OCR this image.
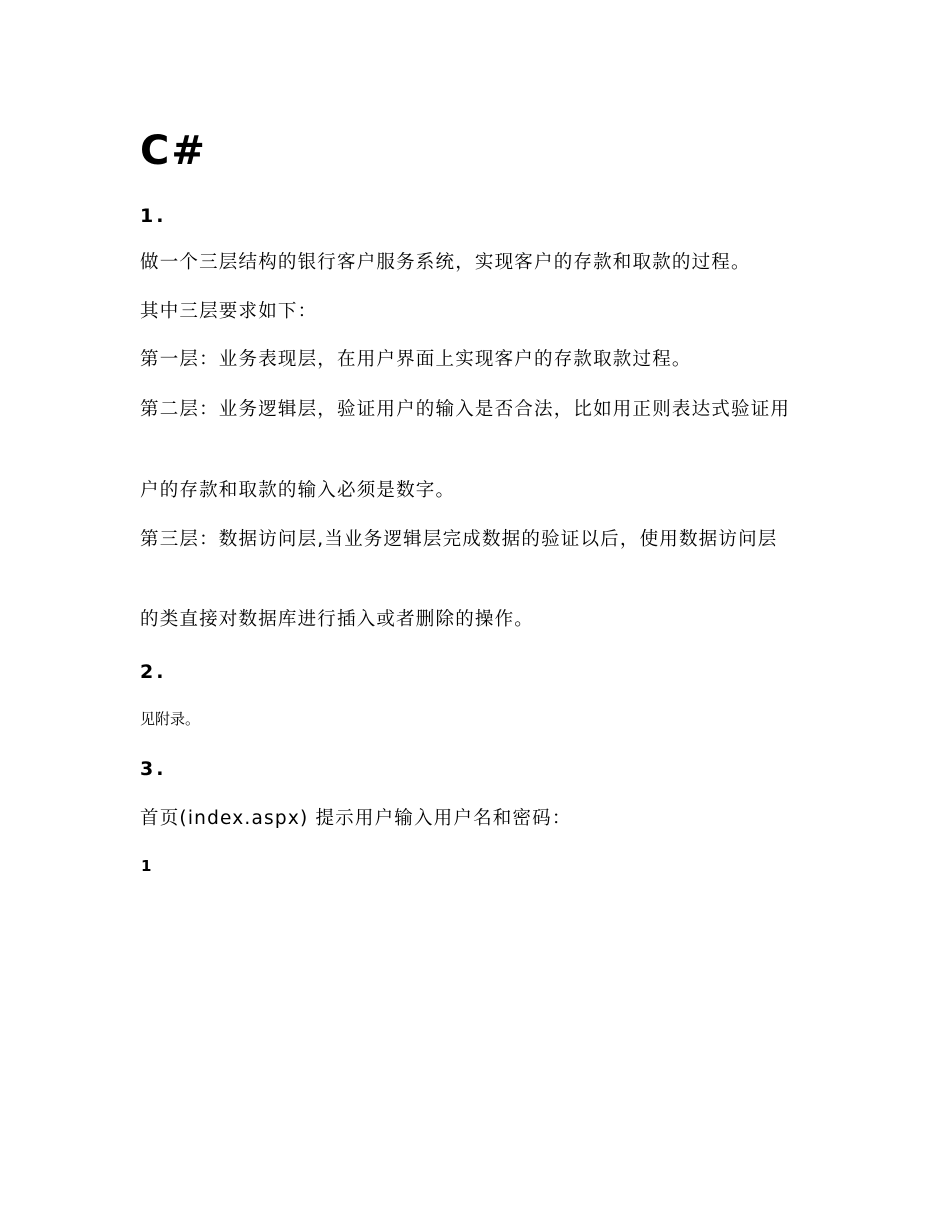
C#
1.

做一个三层结构的银行客户服务系统，实现客户的存款和取款的过程。

其中三层要求如下：

第一层：业务表现层，在用户界面上实现客户的存款取款过程。

第二层：业务逻辑层，验证用户的输入是否合法，比如用正则表达式验证用

户的存款和取款的输入必须是数字。

第三层：数据访问层,当业务逻辑层完成数据的验证以后，使用数据访问层

的类直接对数据库进行插入或者删除的操作。

2.

见附录。

3.

首页(index.aspx) 提示用户输入用户名和密码：

1
